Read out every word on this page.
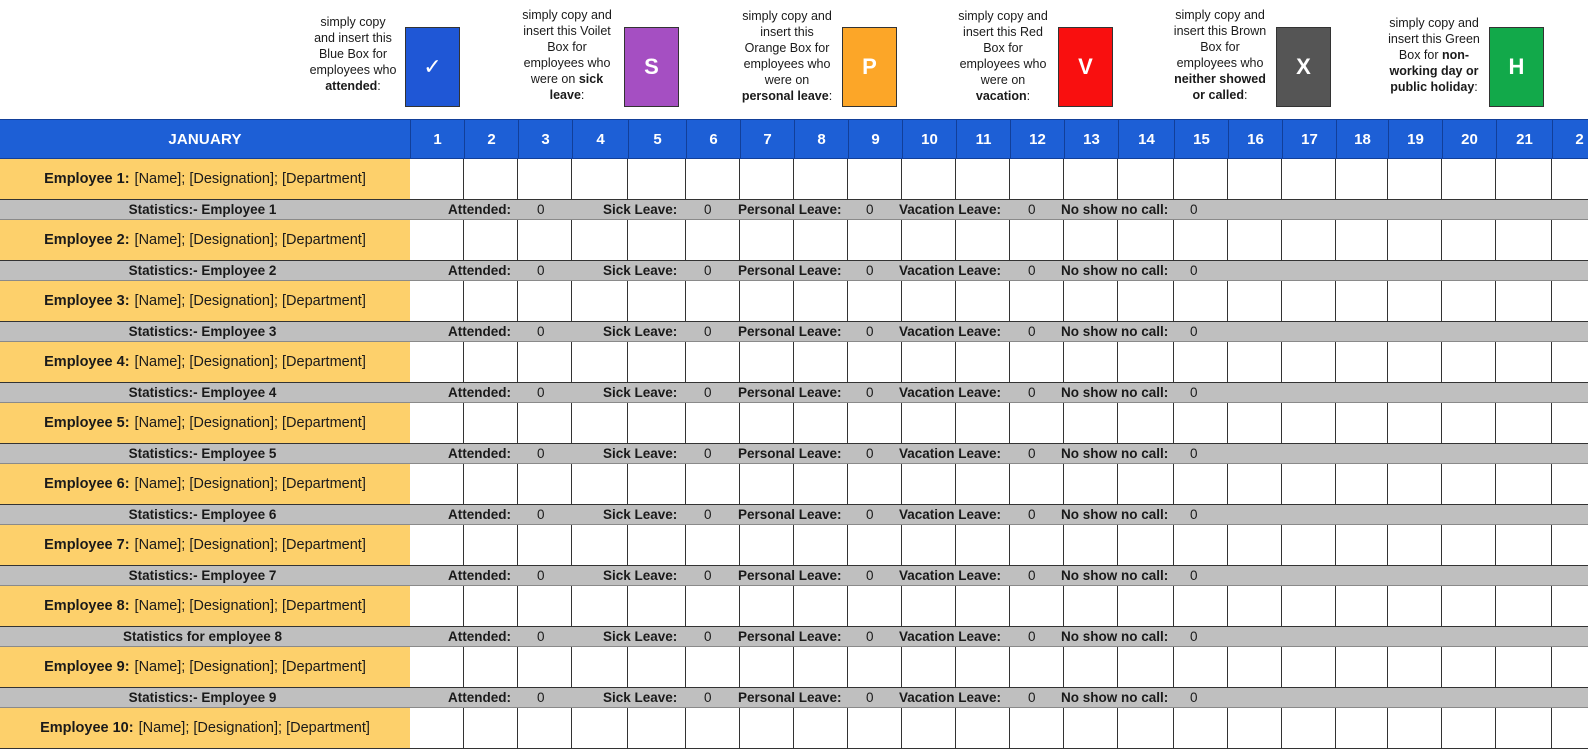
simply copy
and insert this
Blue Box for
employees who
attended:
✓
simply copy and
insert this Voilet
Box for
employees who
were on sick
leave:
S
simply copy and
insert this
Orange Box for
employees who
were on
personal leave:
P
simply copy and
insert this Red
Box for
employees who
were on
vacation:
V
simply copy and
insert this Brown
Box for
employees who
neither showed
or called:
X
simply copy and
insert this Green
Box for non-
working day or
public holiday:
H
JANUARY	1	2	3	4	5	6	7	8	9	10	11	12	13	14	15	16	17	18	19	20	21	2
Employee 1: [Name]; [Designation]; [Department]
Statistics:- Employee 1	Attended: 0	Sick Leave: 0 Personal Leave: 0 Vacation Leave: 0 No show no call: 0
Employee 2: [Name]; [Designation]; [Department]
Statistics:- Employee 2	Attended: 0	Sick Leave: 0 Personal Leave: 0 Vacation Leave: 0 No show no call: 0
Employee 3: [Name]; [Designation]; [Department]
Statistics:- Employee 3	Attended: 0	Sick Leave: 0 Personal Leave: 0 Vacation Leave: 0 No show no call: 0
Employee 4: [Name]; [Designation]; [Department]
Statistics:- Employee 4	Attended: 0	Sick Leave: 0 Personal Leave: 0 Vacation Leave: 0 No show no call: 0
Employee 5: [Name]; [Designation]; [Department]
Statistics:- Employee 5	Attended: 0	Sick Leave: 0 Personal Leave: 0 Vacation Leave: 0 No show no call: 0
Employee 6: [Name]; [Designation]; [Department]
Statistics:- Employee 6	Attended: 0	Sick Leave: 0 Personal Leave: 0 Vacation Leave: 0 No show no call: 0
Employee 7: [Name]; [Designation]; [Department]
Statistics:- Employee 7	Attended: 0	Sick Leave: 0 Personal Leave: 0 Vacation Leave: 0 No show no call: 0
Employee 8: [Name]; [Designation]; [Department]
Statistics for employee 8	Attended: 0	Sick Leave: 0 Personal Leave: 0 Vacation Leave: 0 No show no call: 0
Employee 9: [Name]; [Designation]; [Department]
Statistics:- Employee 9	Attended: 0	Sick Leave: 0 Personal Leave: 0 Vacation Leave: 0 No show no call: 0
Employee 10: [Name]; [Designation]; [Department]
